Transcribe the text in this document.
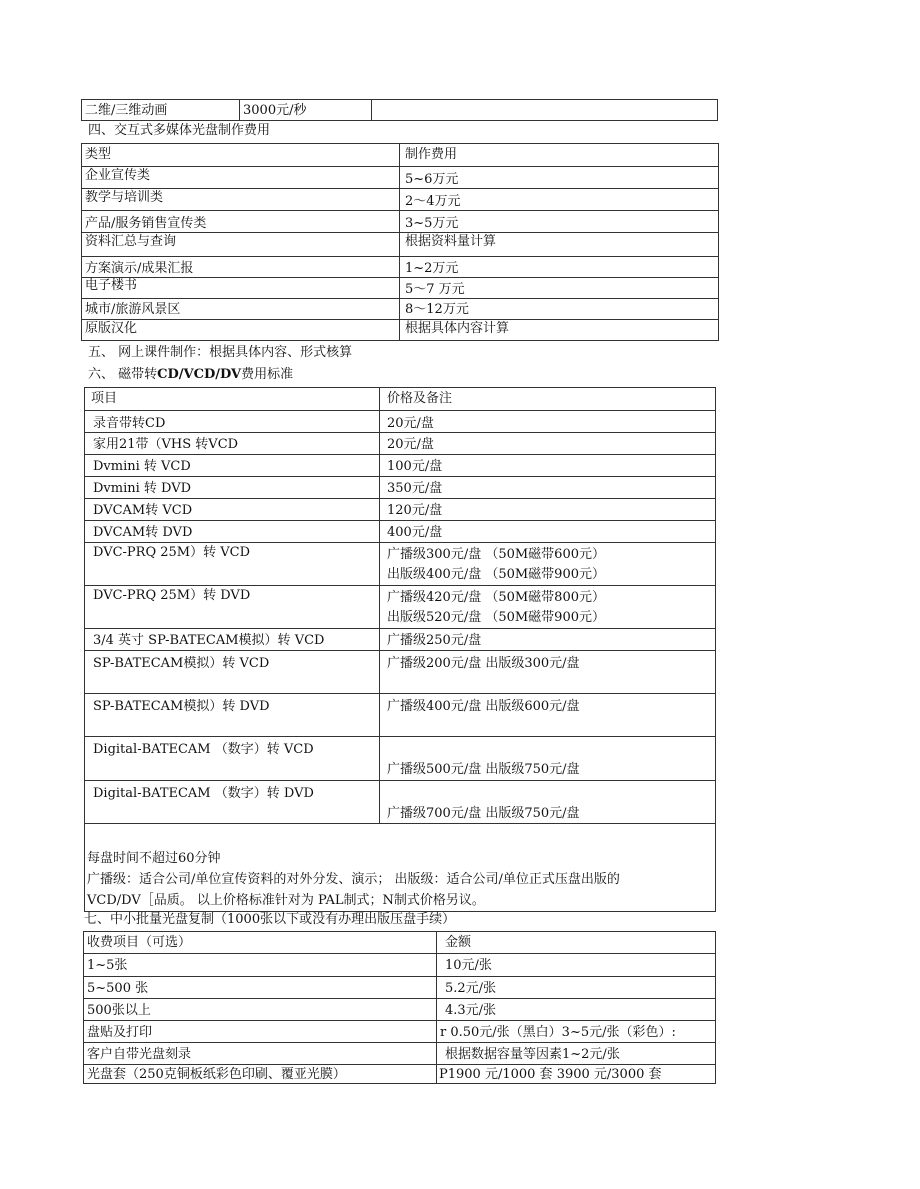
二维/三维动画	3000元/秒	
四、交互式多媒体光盘制作费用
类型	制作费用
企业宣传类	5~6万元
教学与培训类	2～4万元
产品/服务销售宣传类	3~5万元
资料汇总与查询	根据资料量计算
方案演示/成果汇报	1~2万元
电子楼书	5～7 万元
城市/旅游风景区	8～12万元
原版汉化	根据具体内容计算
五、 网上课件制作：根据具体内容、形式核算
六、 磁带转CD/VCD/DV费用标准
项目	价格及备注
录音带转CD	20元/盘
家用21带（VHS 转VCD	20元/盘
Dvmini 转 VCD	100元/盘
Dvmini 转 DVD	350元/盘
DVCAM转 VCD	120元/盘
DVCAM转 DVD	400元/盘
DVC-PRQ 25M）转 VCD	广播级300元/盘 （50M磁带600元）
出版级400元/盘 （50M磁带900元）

DVC-PRQ 25M）转 DVD	广播级420元/盘 （50M磁带800元）
出版级520元/盘 （50M磁带900元）

3/4 英寸 SP-BATECAM模拟）转 VCD	广播级250元/盘
SP-BATECAM模拟）转 VCD	广播级200元/盘 出版级300元/盘
SP-BATECAM模拟）转 DVD	广播级400元/盘 出版级600元/盘
Digital-BATECAM （数字）转 VCD	广播级500元/盘 出版级750元/盘
Digital-BATECAM （数字）转 DVD	广播级700元/盘 出版级750元/盘

每盘时间不超过60分钟
广播级：适合公司/单位宣传资料的对外分发、演示； 出版级：适合公司/单位正式压盘出版的
VCD/DV［品质。 以上价格标准针对为 PAL制式；N制式价格另议。	
七、中小批量光盘复制（1000张以下或没有办理出版压盘手续）
收费项目（可选）	金额
1~5张	10元/张
5~500 张	5.2元/张
500张以上	4.3元/张
盘贴及打印	r 0.50元/张（黑白）3~5元/张（彩色）:
客户自带光盘刻录	根据数据容量等因素1~2元/张
光盘套（250克铜板纸彩色印刷、覆亚光膜）	P1900 元/1000 套 3900 元/3000 套
